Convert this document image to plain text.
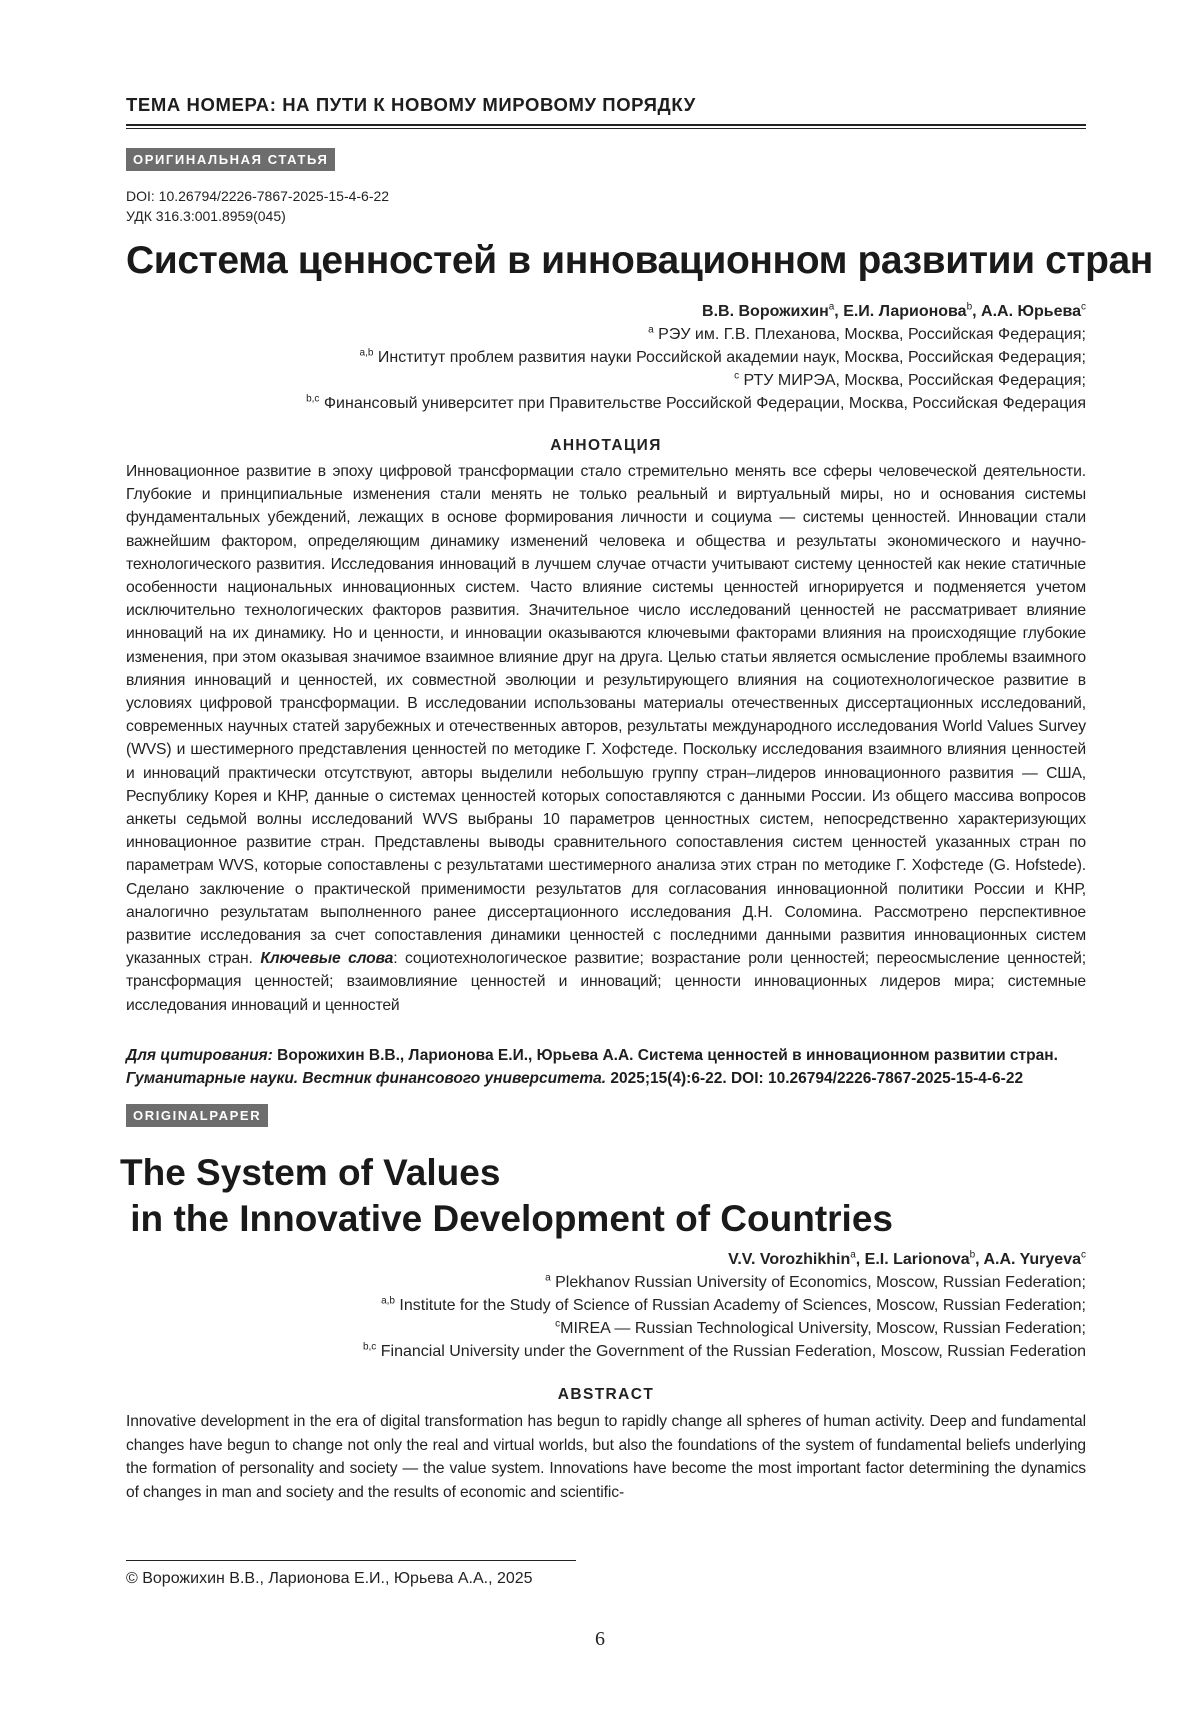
ТЕМА НОМЕРА: НА ПУТИ К НОВОМУ МИРОВОМУ ПОРЯДКУ
ОРИГИНАЛЬНАЯ СТАТЬЯ
DOI: 10.26794/2226-7867-2025-15-4-6-22
УДК 316.3:001.8959(045)
Система ценностей в инновационном развитии стран
В.В. Ворожихинa, Е.И. Ларионоваb, А.А. Юрьеваc
a РЭУ им. Г.В. Плеханова, Москва, Российская Федерация;
a,b Институт проблем развития науки Российской академии наук, Москва, Российская Федерация;
c РТУ МИРЭА, Москва, Российская Федерация;
b,c Финансовый университет при Правительстве Российской Федерации, Москва, Российская Федерация
АННОТАЦИЯ
Инновационное развитие в эпоху цифровой трансформации стало стремительно менять все сферы человеческой деятельности. Глубокие и принципиальные изменения стали менять не только реальный и виртуальный миры, но и основания системы фундаментальных убеждений, лежащих в основе формирования личности и социума — системы ценностей. Инновации стали важнейшим фактором, определяющим динамику изменений человека и общества и результаты экономического и научно-технологического развития. Исследования инноваций в лучшем случае отчасти учитывают систему ценностей как некие статичные особенности национальных инновационных систем. Часто влияние системы ценностей игнорируется и подменяется учетом исключительно технологических факторов развития. Значительное число исследований ценностей не рассматривает влияние инноваций на их динамику. Но и ценности, и инновации оказываются ключевыми факторами влияния на происходящие глубокие изменения, при этом оказывая значимое взаимное влияние друг на друга. Целью статьи является осмысление проблемы взаимного влияния инноваций и ценностей, их совместной эволюции и результирующего влияния на социотехнологическое развитие в условиях цифровой трансформации. В исследовании использованы материалы отечественных диссертационных исследований, современных научных статей зарубежных и отечественных авторов, результаты международного исследования World Values Survey (WVS) и шестимерного представления ценностей по методике Г. Хофстеде. Поскольку исследования взаимного влияния ценностей и инноваций практически отсутствуют, авторы выделили небольшую группу стран–лидеров инновационного развития — США, Республику Корея и КНР, данные о системах ценностей которых сопоставляются с данными России. Из общего массива вопросов анкеты седьмой волны исследований WVS выбраны 10 параметров ценностных систем, непосредственно характеризующих инновационное развитие стран. Представлены выводы сравнительного сопоставления систем ценностей указанных стран по параметрам WVS, которые сопоставлены с результатами шестимерного анализа этих стран по методике Г. Хофстеде (G. Hofstede). Сделано заключение о практической применимости результатов для согласования инновационной политики России и КНР, аналогично результатам выполненного ранее диссертационного исследования Д.Н. Соломина. Рассмотрено перспективное развитие исследования за счет сопоставления динамики ценностей с последними данными развития инновационных систем указанных стран. Ключевые слова: социотехнологическое развитие; возрастание роли ценностей; переосмысление ценностей; трансформация ценностей; взаимовлияние ценностей и инноваций; ценности инновационных лидеров мира; системные исследования инноваций и ценностей
Для цитирования: Ворожихин В.В., Ларионова Е.И., Юрьева А.А. Система ценностей в инновационном развитии стран. Гуманитарные науки. Вестник финансового университета. 2025;15(4):6-22. DOI: 10.26794/2226-7867-2025-15-4-6-22
ORIGINALPAPER
The System of Values
in the Innovative Development of Countries
V.V. Vorozhikhina, E.I. Larionovab, A.A. Yuryevac
a Plekhanov Russian University of Economics, Moscow, Russian Federation;
a,b Institute for the Study of Science of Russian Academy of Sciences, Moscow, Russian Federation;
cMIREA — Russian Technological University, Moscow, Russian Federation;
b,c Financial University under the Government of the Russian Federation, Moscow, Russian Federation
ABSTRACT
Innovative development in the era of digital transformation has begun to rapidly change all spheres of human activity. Deep and fundamental changes have begun to change not only the real and virtual worlds, but also the foundations of the system of fundamental beliefs underlying the formation of personality and society — the value system. Innovations have become the most important factor determining the dynamics of changes in man and society and the results of economic and scientific-
© Ворожихин В.В., Ларионова Е.И., Юрьева А.А., 2025
6
